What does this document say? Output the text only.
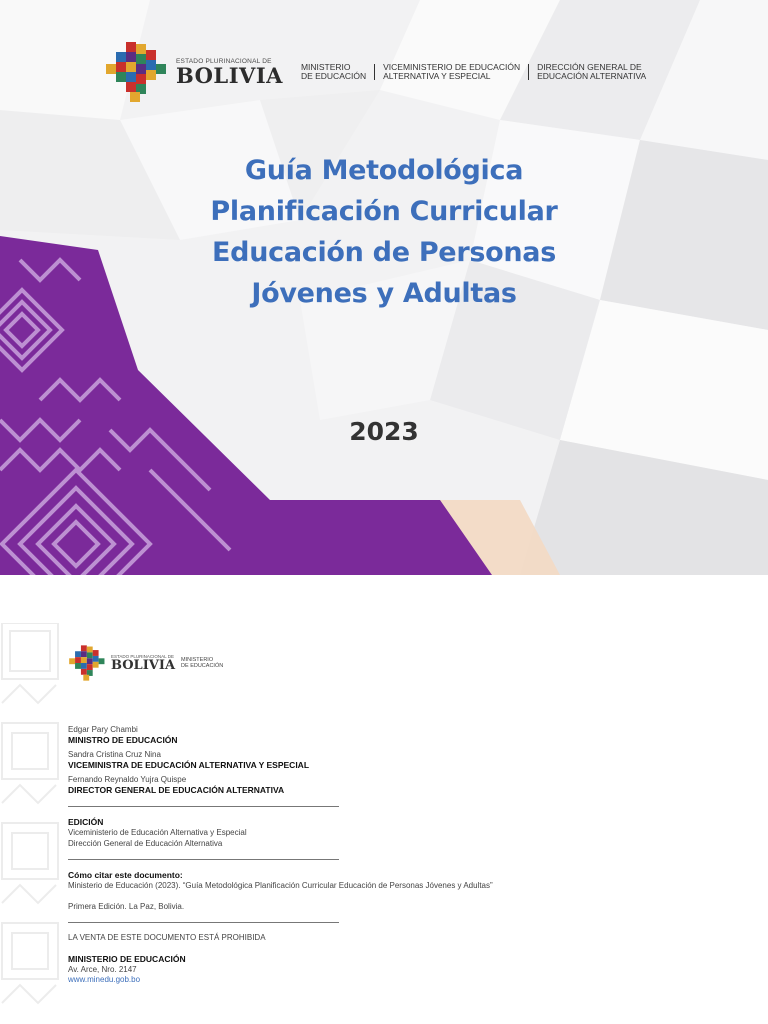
ESTADO PLURINACIONAL DE
BOLIVIA MINISTERIO
DE EDUCACIÓN
VICEMINISTERIO DE EDUCACIÓN
ALTERNATIVA Y ESPECIAL
DIRECCIÓN GENERAL DE
EDUCACIÓN ALTERNATIVA
Guía Metodológica
Planificación Curricular
Educación de Personas
Jóvenes y Adultas
2023
ESTADO PLURINACIONAL DE
BOLIVIA MINISTERIO
DE EDUCACIÓN
Edgar Pary Chambi
MINISTRO DE EDUCACIÓN
Sandra Cristina Cruz Nina
VICEMINISTRA DE EDUCACIÓN ALTERNATIVA Y ESPECIAL
Fernando Reynaldo Yujra Quispe
DIRECTOR GENERAL DE EDUCACIÓN ALTERNATIVA
EDICIÓN
Viceministerio de Educación Alternativa y Especial
Dirección General de Educación Alternativa
Cómo citar este documento:
Ministerio de Educación (2023). “Guía Metodológica Planificación Curricular Educación de Personas Jóvenes y Adultas”
Primera Edición. La Paz, Bolivia.
LA VENTA DE ESTE DOCUMENTO ESTÁ PROHIBIDA
MINISTERIO DE EDUCACIÓN
Av. Arce, Nro. 2147
www.minedu.gob.bo
